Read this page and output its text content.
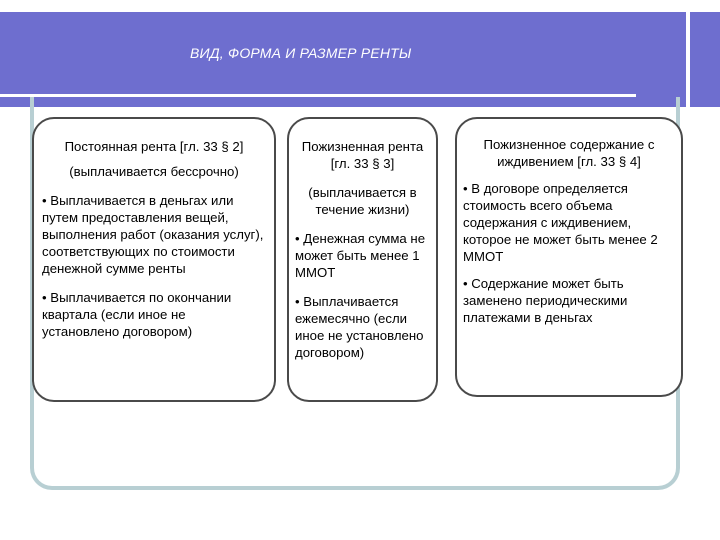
ВИД, ФОРМА И РАЗМЕР РЕНТЫ

Постоянная рента [гл. 33 § 2]

(выплачивается бессрочно)

• Выплачивается в деньгах или путем предоставления вещей, выполнения работ (оказания услуг), соответствующих по стоимости денежной сумме ренты

• Выплачивается по окончании квартала (если иное не установлено договором)

Пожизненная рента [гл. 33 § 3]

(выплачивается в течение жизни)

• Денежная сумма не может быть менее 1 ММОТ

• Выплачивается ежемесячно (если иное не установлено договором)

Пожизненное содержание с иждивением [гл. 33 § 4]

• В договоре определяется стоимость всего объема содержания с иждивением, которое не может быть менее 2 ММОТ

• Содержание может быть заменено периодическими платежами в деньгах
